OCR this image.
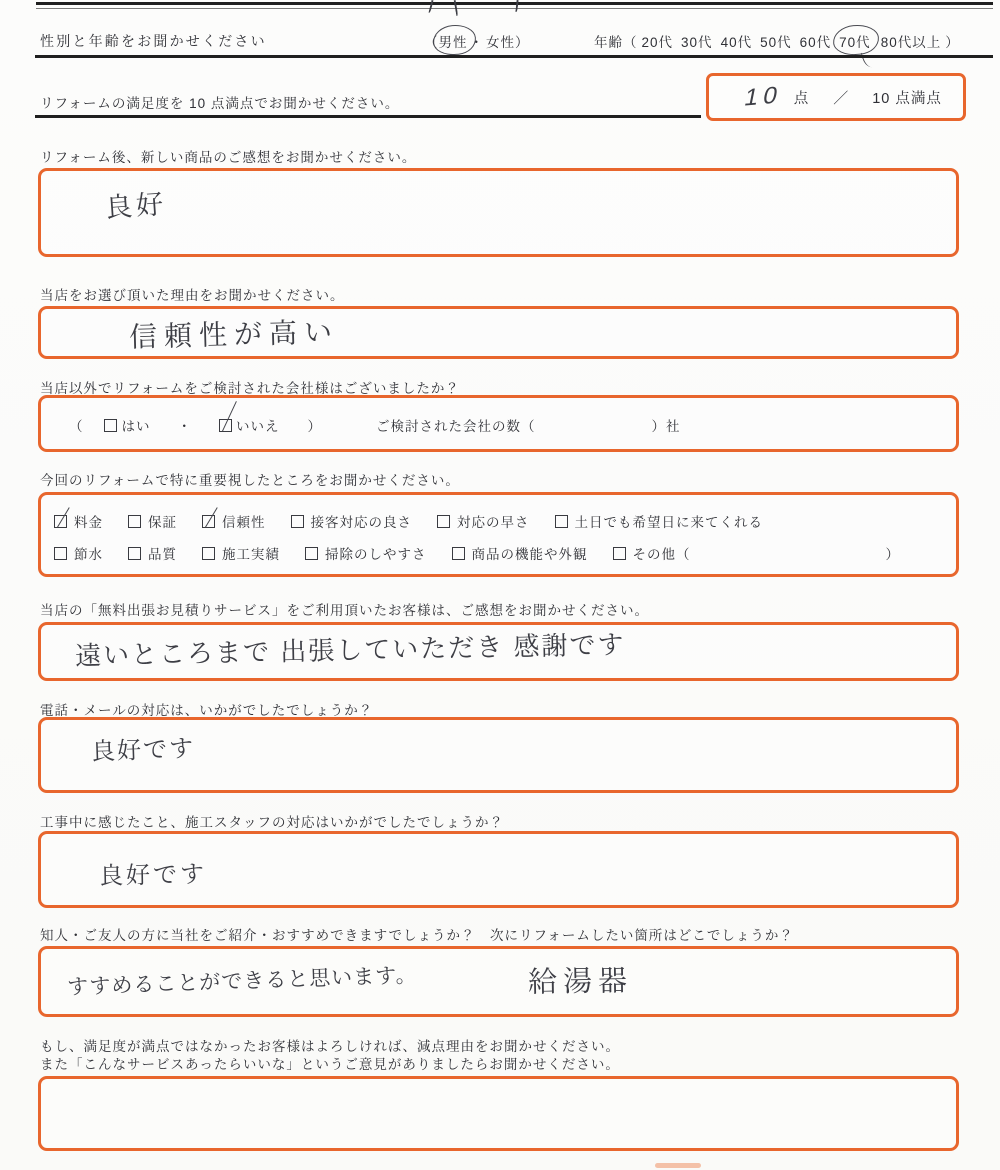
性別と年齢をお聞かせください	（ 男性 ・ 女性 ）	年齢（ 20代 30代 40代 50代 60代 70代 80代以上 ）
リフォームの満足度を 10 点満点でお聞かせください。	10 点 ／ 10 点満点
リフォーム後、新しい商品のご感想をお聞かせください。
良好
当店をお選び頂いた理由をお聞かせください。
信頼性が高い
当店以外でリフォームをご検討された会社様はございましたか？
（	はい ・	いいえ ）	ご検討された会社の数（	）社
今回のリフォームで特に重要視したところをお聞かせください。
料金	保証	信頼性	接客対応の良さ	対応の早さ	土日でも希望日に来てくれる
節水	品質	施工実績	掃除のしやすさ	商品の機能や外観	その他（	）
当店の「無料出張お見積りサービス」をご利用頂いたお客様は、ご感想をお聞かせください。
遠いところまで 出張していただき 感謝です
電話・メールの対応は、いかがでしたでしょうか？
良好です
工事中に感じたこと、施工スタッフの対応はいかがでしたでしょうか？
良好です
知人・ご友人の方に当社をご紹介・おすすめできますでしょうか？　次にリフォームしたい箇所はどこでしょうか？
すすめることができると思います。	給湯器
もし、満足度が満点ではなかったお客様はよろしければ、減点理由をお聞かせください。
また「こんなサービスあったらいいな」というご意見がありましたらお聞かせください。
